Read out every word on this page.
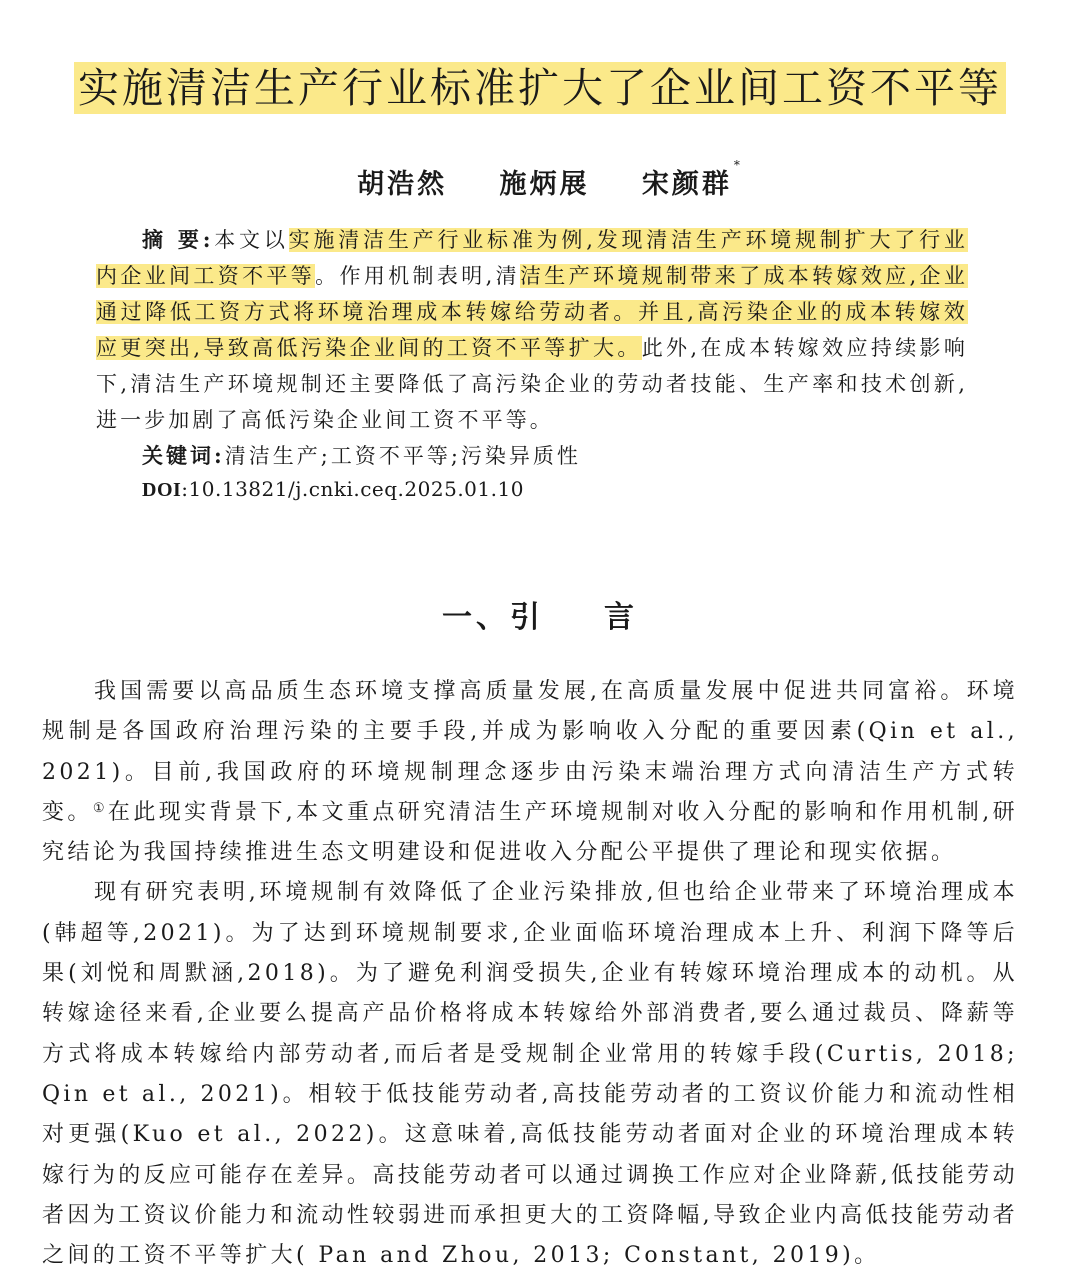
实施清洁生产行业标准扩大了企业间工资不平等
胡浩然 施炳展 宋颜群*
摘 要:本文以实施清洁生产行业标准为例,发现清洁生产环境规制扩大了行业内企业间工资不平等。作用机制表明,清洁生产环境规制带来了成本转嫁效应,企业通过降低工资方式将环境治理成本转嫁给劳动者。并且,高污染企业的成本转嫁效应更突出,导致高低污染企业间的工资不平等扩大。此外,在成本转嫁效应持续影响下,清洁生产环境规制还主要降低了高污染企业的劳动者技能、生产率和技术创新,进一步加剧了高低污染企业间工资不平等。
关键词:清洁生产;工资不平等;污染异质性
DOI:10.13821/j.cnki.ceq.2025.01.10
一、引 言

我国需要以高品质生态环境支撑高质量发展,在高质量发展中促进共同富裕。环境规制是各国政府治理污染的主要手段,并成为影响收入分配的重要因素(Qin et al., 2021)。目前,我国政府的环境规制理念逐步由污染末端治理方式向清洁生产方式转变。①在此现实背景下,本文重点研究清洁生产环境规制对收入分配的影响和作用机制,研究结论为我国持续推进生态文明建设和促进收入分配公平提供了理论和现实依据。

现有研究表明,环境规制有效降低了企业污染排放,但也给企业带来了环境治理成本(韩超等,2021)。为了达到环境规制要求,企业面临环境治理成本上升、利润下降等后果(刘悦和周默涵,2018)。为了避免利润受损失,企业有转嫁环境治理成本的动机。从转嫁途径来看,企业要么提高产品价格将成本转嫁给外部消费者,要么通过裁员、降薪等方式将成本转嫁给内部劳动者,而后者是受规制企业常用的转嫁手段(Curtis, 2018; Qin et al., 2021)。相较于低技能劳动者,高技能劳动者的工资议价能力和流动性相对更强(Kuo et al., 2022)。这意味着,高低技能劳动者面对企业的环境治理成本转嫁行为的反应可能存在差异。高技能劳动者可以通过调换工作应对企业降薪,低技能劳动者因为工资议价能力和流动性较弱进而承担更大的工资降幅,导致企业内高低技能劳动者之间的工资不平等扩大( Pan and Zhou, 2013; Constant, 2019)。
